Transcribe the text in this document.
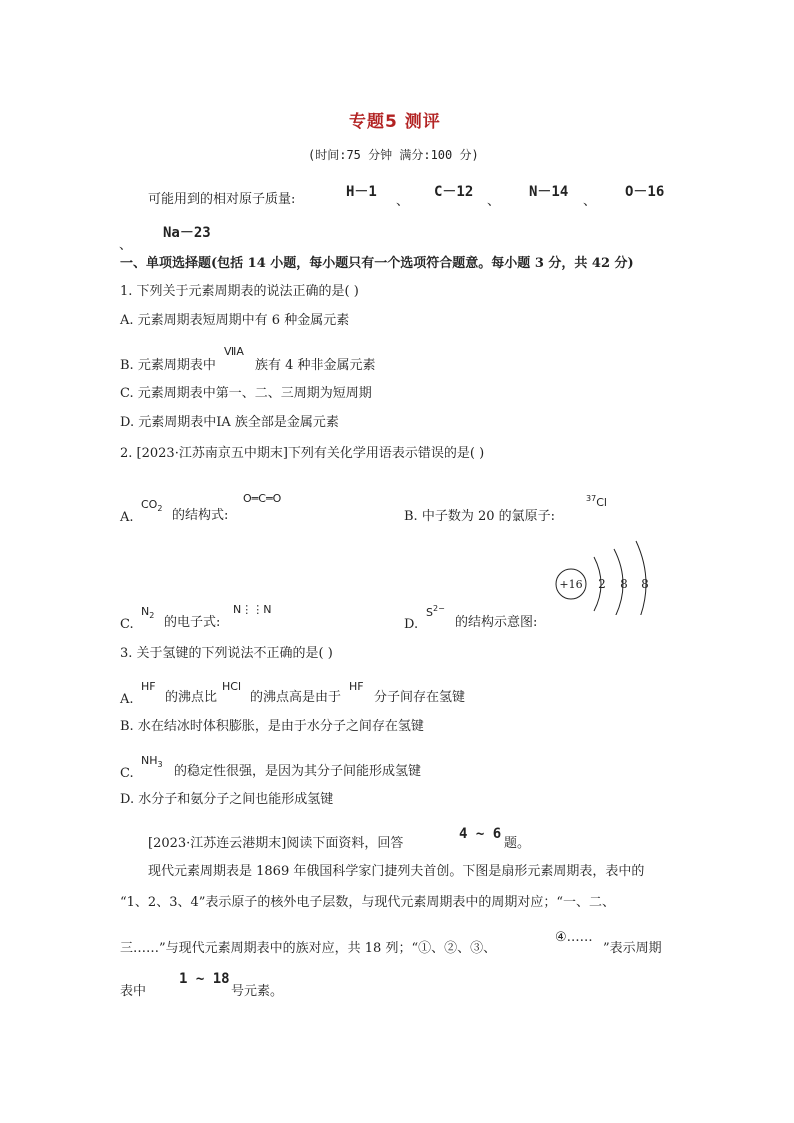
专题5 测评
(时间:75 分钟 满分:100 分)
可能用到的相对原子质量:	H－1
、
C－12
、
N－14
、
O－16
Na－23
、
一、单项选择题(包括 14 小题，每小题只有一个选项符合题意。每小题 3 分，共 42 分)
1. 下列关于元素周期表的说法正确的是( )
A. 元素周期表短周期中有 6 种金属元素
B. 元素周期表中
ⅦA
族有 4 种非金属元素
C. 元素周期表中第一、二、三周期为短周期
D. 元素周期表中ⅠA 族全部是金属元素
2. [2023·江苏南京五中期末]下列有关化学用语表示错误的是( )
A.
$CO_2$ 的结构式:
O═C═O
B. 中子数为 20 的氯原子:
$^{37}$Cl
C.
$N_2$ 的电子式:
N⋮⋮N
D.
$S^{2-}$
的结构示意图:
+16 2 8 8
3. 关于氢键的下列说法不正确的是( )
A.
HF
的沸点比
HCl
的沸点高是由于
HF
分子间存在氢键
B. 水在结冰时体积膨胀，是由于水分子之间存在氢键
C.
$NH_3$ 的稳定性很强，是因为其分子间能形成氢键
D. 水分子和氨分子之间也能形成氢键
[2023·江苏连云港期末]阅读下面资料，回答
4 ~ 6
题。
现代元素周期表是 1869 年俄国科学家门捷列夫首创。下图是扇形元素周期表，表中的
“1、2、3、4”表示原子的核外电子层数，与现代元素周期表中的周期对应；“一、二、
三……”与现代元素周期表中的族对应，共 18 列；“①、②、③、
④……
”表示周期
表中
1 ~ 18
号元素。
